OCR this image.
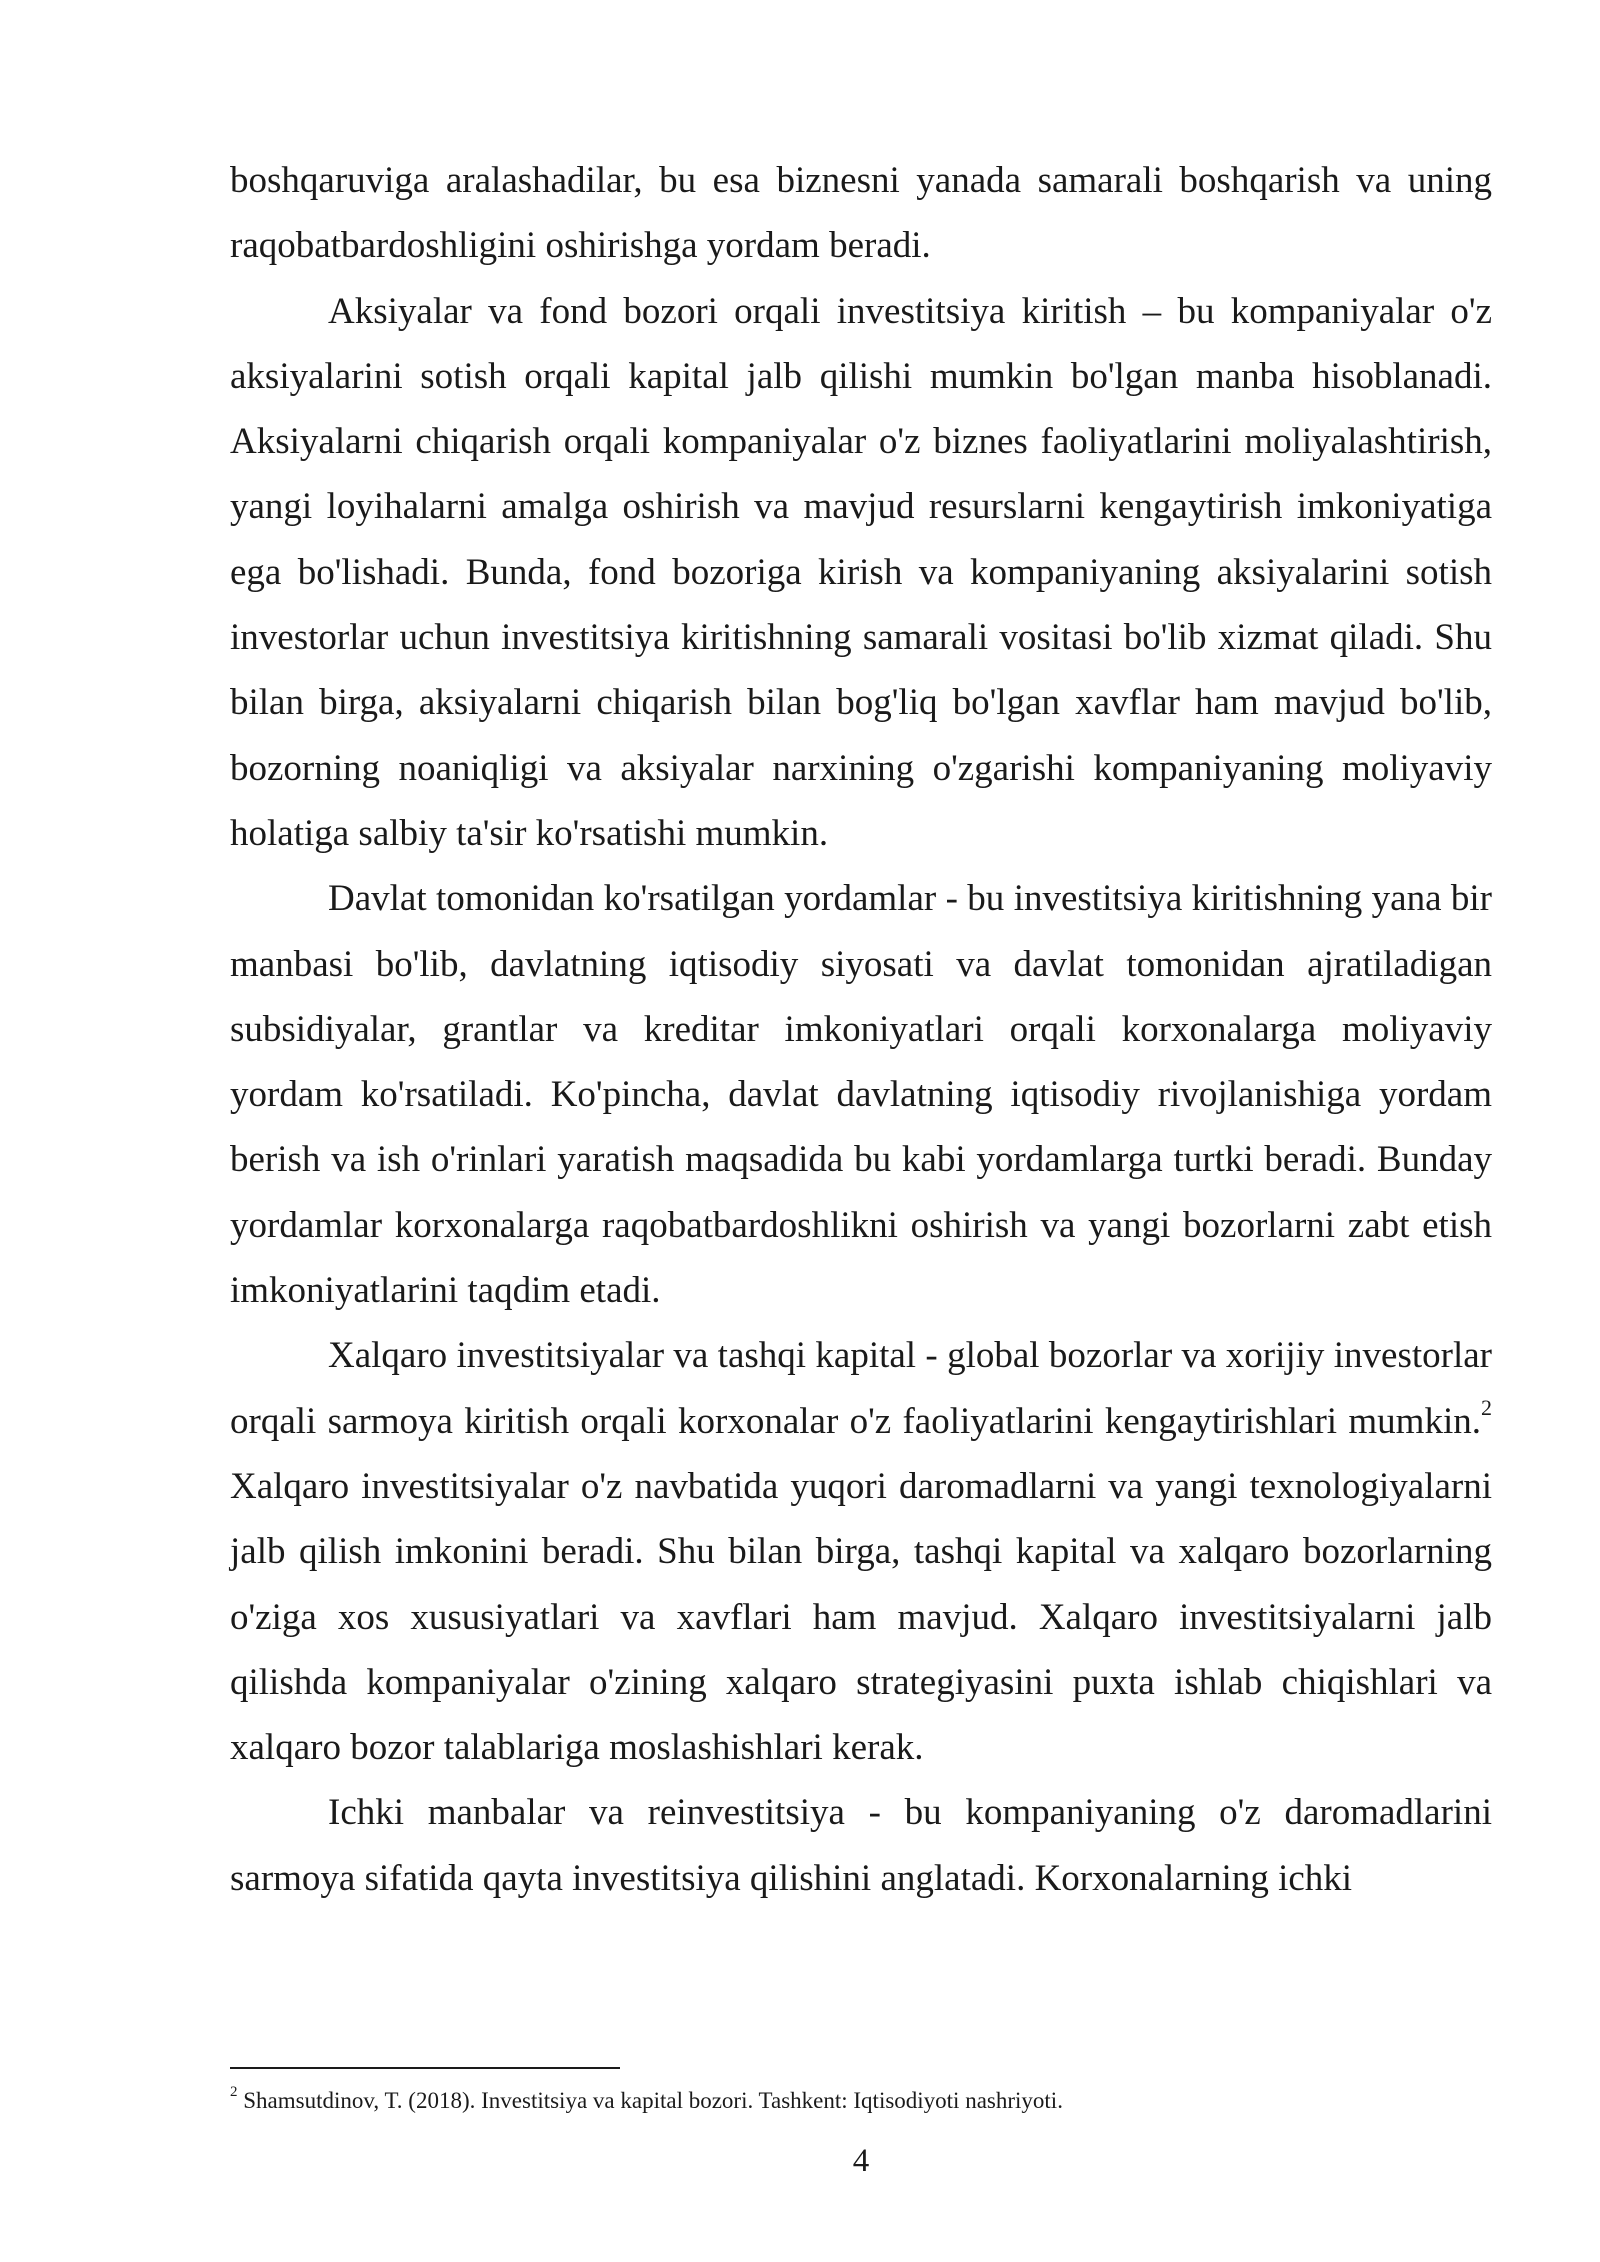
boshqaruviga aralashadilar, bu esa biznesni yanada samarali boshqarish va uning raqobatbardoshligini oshirishga yordam beradi.

Aksiyalar va fond bozori orqali investitsiya kiritish – bu kompaniyalar o'z aksiyalarini sotish orqali kapital jalb qilishi mumkin bo'lgan manba hisoblanadi. Aksiyalarni chiqarish orqali kompaniyalar o'z biznes faoliyatlarini moliyalashtirish, yangi loyihalarni amalga oshirish va mavjud resurslarni kengaytirish imkoniyatiga ega bo'lishadi. Bunda, fond bozoriga kirish va kompaniyaning aksiyalarini sotish investorlar uchun investitsiya kiritishning samarali vositasi bo'lib xizmat qiladi. Shu bilan birga, aksiyalarni chiqarish bilan bog'liq bo'lgan xavflar ham mavjud bo'lib, bozorning noaniqligi va aksiyalar narxining o'zgarishi kompaniyaning moliyaviy holatiga salbiy ta'sir ko'rsatishi mumkin.

Davlat tomonidan ko'rsatilgan yordamlar - bu investitsiya kiritishning yana bir manbasi bo'lib, davlatning iqtisodiy siyosati va davlat tomonidan ajratiladigan subsidiyalar, grantlar va kreditar imkoniyatlari orqali korxonalarga moliyaviy yordam ko'rsatiladi. Ko'pincha, davlat davlatning iqtisodiy rivojlanishiga yordam berish va ish o'rinlari yaratish maqsadida bu kabi yordamlarga turtki beradi. Bunday yordamlar korxonalarga raqobatbardoshlikni oshirish va yangi bozorlarni zabt etish imkoniyatlarini taqdim etadi.

Xalqaro investitsiyalar va tashqi kapital - global bozorlar va xorijiy investorlar orqali sarmoya kiritish orqali korxonalar o'z faoliyatlarini kengaytirishlari mumkin.$^2$ Xalqaro investitsiyalar o'z navbatida yuqori daromadlarni va yangi texnologiyalarni jalb qilish imkonini beradi. Shu bilan birga, tashqi kapital va xalqaro bozorlarning o'ziga xos xususiyatlari va xavflari ham mavjud. Xalqaro investitsiyalarni jalb qilishda kompaniyalar o'zining xalqaro strategiyasini puxta ishlab chiqishlari va xalqaro bozor talablariga moslashishlari kerak.

Ichki manbalar va reinvestitsiya - bu kompaniyaning o'z daromadlarini sarmoya sifatida qayta investitsiya qilishini anglatadi. Korxonalarning ichki

$^2$ Shamsutdinov, T. (2018). Investitsiya va kapital bozori. Tashkent: Iqtisodiyoti nashriyoti.
4
